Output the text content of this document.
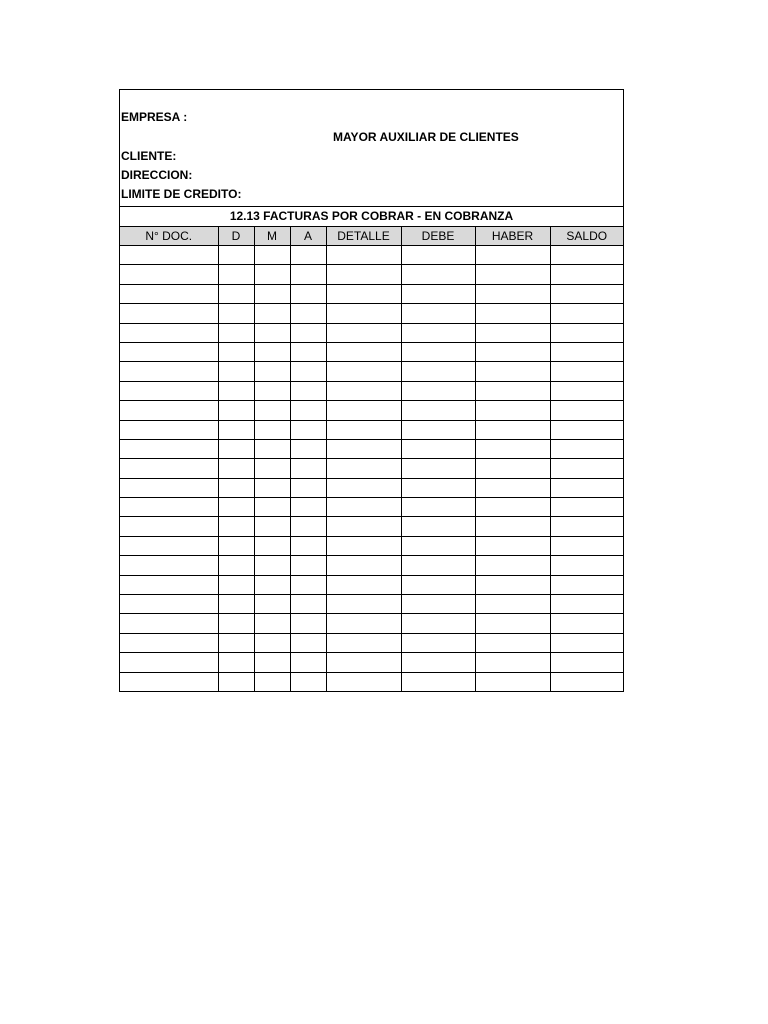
EMPRESA :
MAYOR AUXILIAR DE CLIENTES
CLIENTE:
DIRECCION:
LIMITE DE CREDITO:
12.13 FACTURAS POR COBRAR - EN COBRANZA
N° DOC.	D	M	A	DETALLE	DEBE	HABER	SALDO
